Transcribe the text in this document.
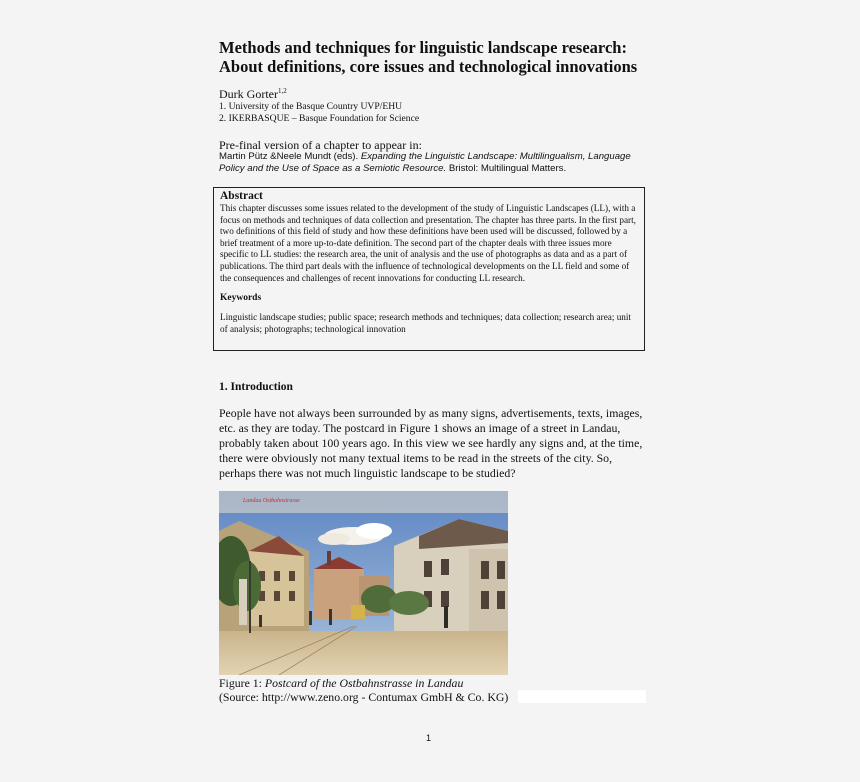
Methods and techniques for linguistic landscape research:
About definitions, core issues and technological innovations
Durk Gorter$^{1,2}$
1. University of the Basque Country UVP/EHU
2. IKERBASQUE – Basque Foundation for Science
Pre-final version of a chapter to appear in:
Martin Pütz &Neele Mundt (eds). Expanding the Linguistic Landscape: Multilingualism, Language Policy and the Use of Space as a Semiotic Resource. Bristol: Multilingual Matters.
Abstract
This chapter discusses some issues related to the development of the study of Linguistic Landscapes (LL), with a focus on methods and techniques of data collection and presentation. The chapter has three parts. In the first part, two definitions of this field of study and how these definitions have been used will be discussed, followed by a brief treatment of a more up-to-date definition. The second part of the chapter deals with three issues more specific to LL studies: the research area, the unit of analysis and the use of photographs as data and as a part of publications. The third part deals with the influence of technological developments on the LL field and some of the consequences and challenges of recent innovations for conducting LL research.
Keywords
Linguistic landscape studies; public space; research methods and techniques; data collection; research area; unit of analysis; photographs; technological innovation
1. Introduction

People have not always been surrounded by as many signs, advertisements, texts, images, etc. as they are today. The postcard in Figure 1 shows an image of a street in Landau, probably taken about 100 years ago. In this view we see hardly any signs and, at the time, there were obviously not many textual items to be read in the streets of the city. So, perhaps there was not much linguistic landscape to be studied?

Landau Ostbahnstrasse
Figure 1: Postcard of the Ostbahnstrasse in Landau
(Source: http://www.zeno.org - Contumax GmbH & Co. KG)
1
